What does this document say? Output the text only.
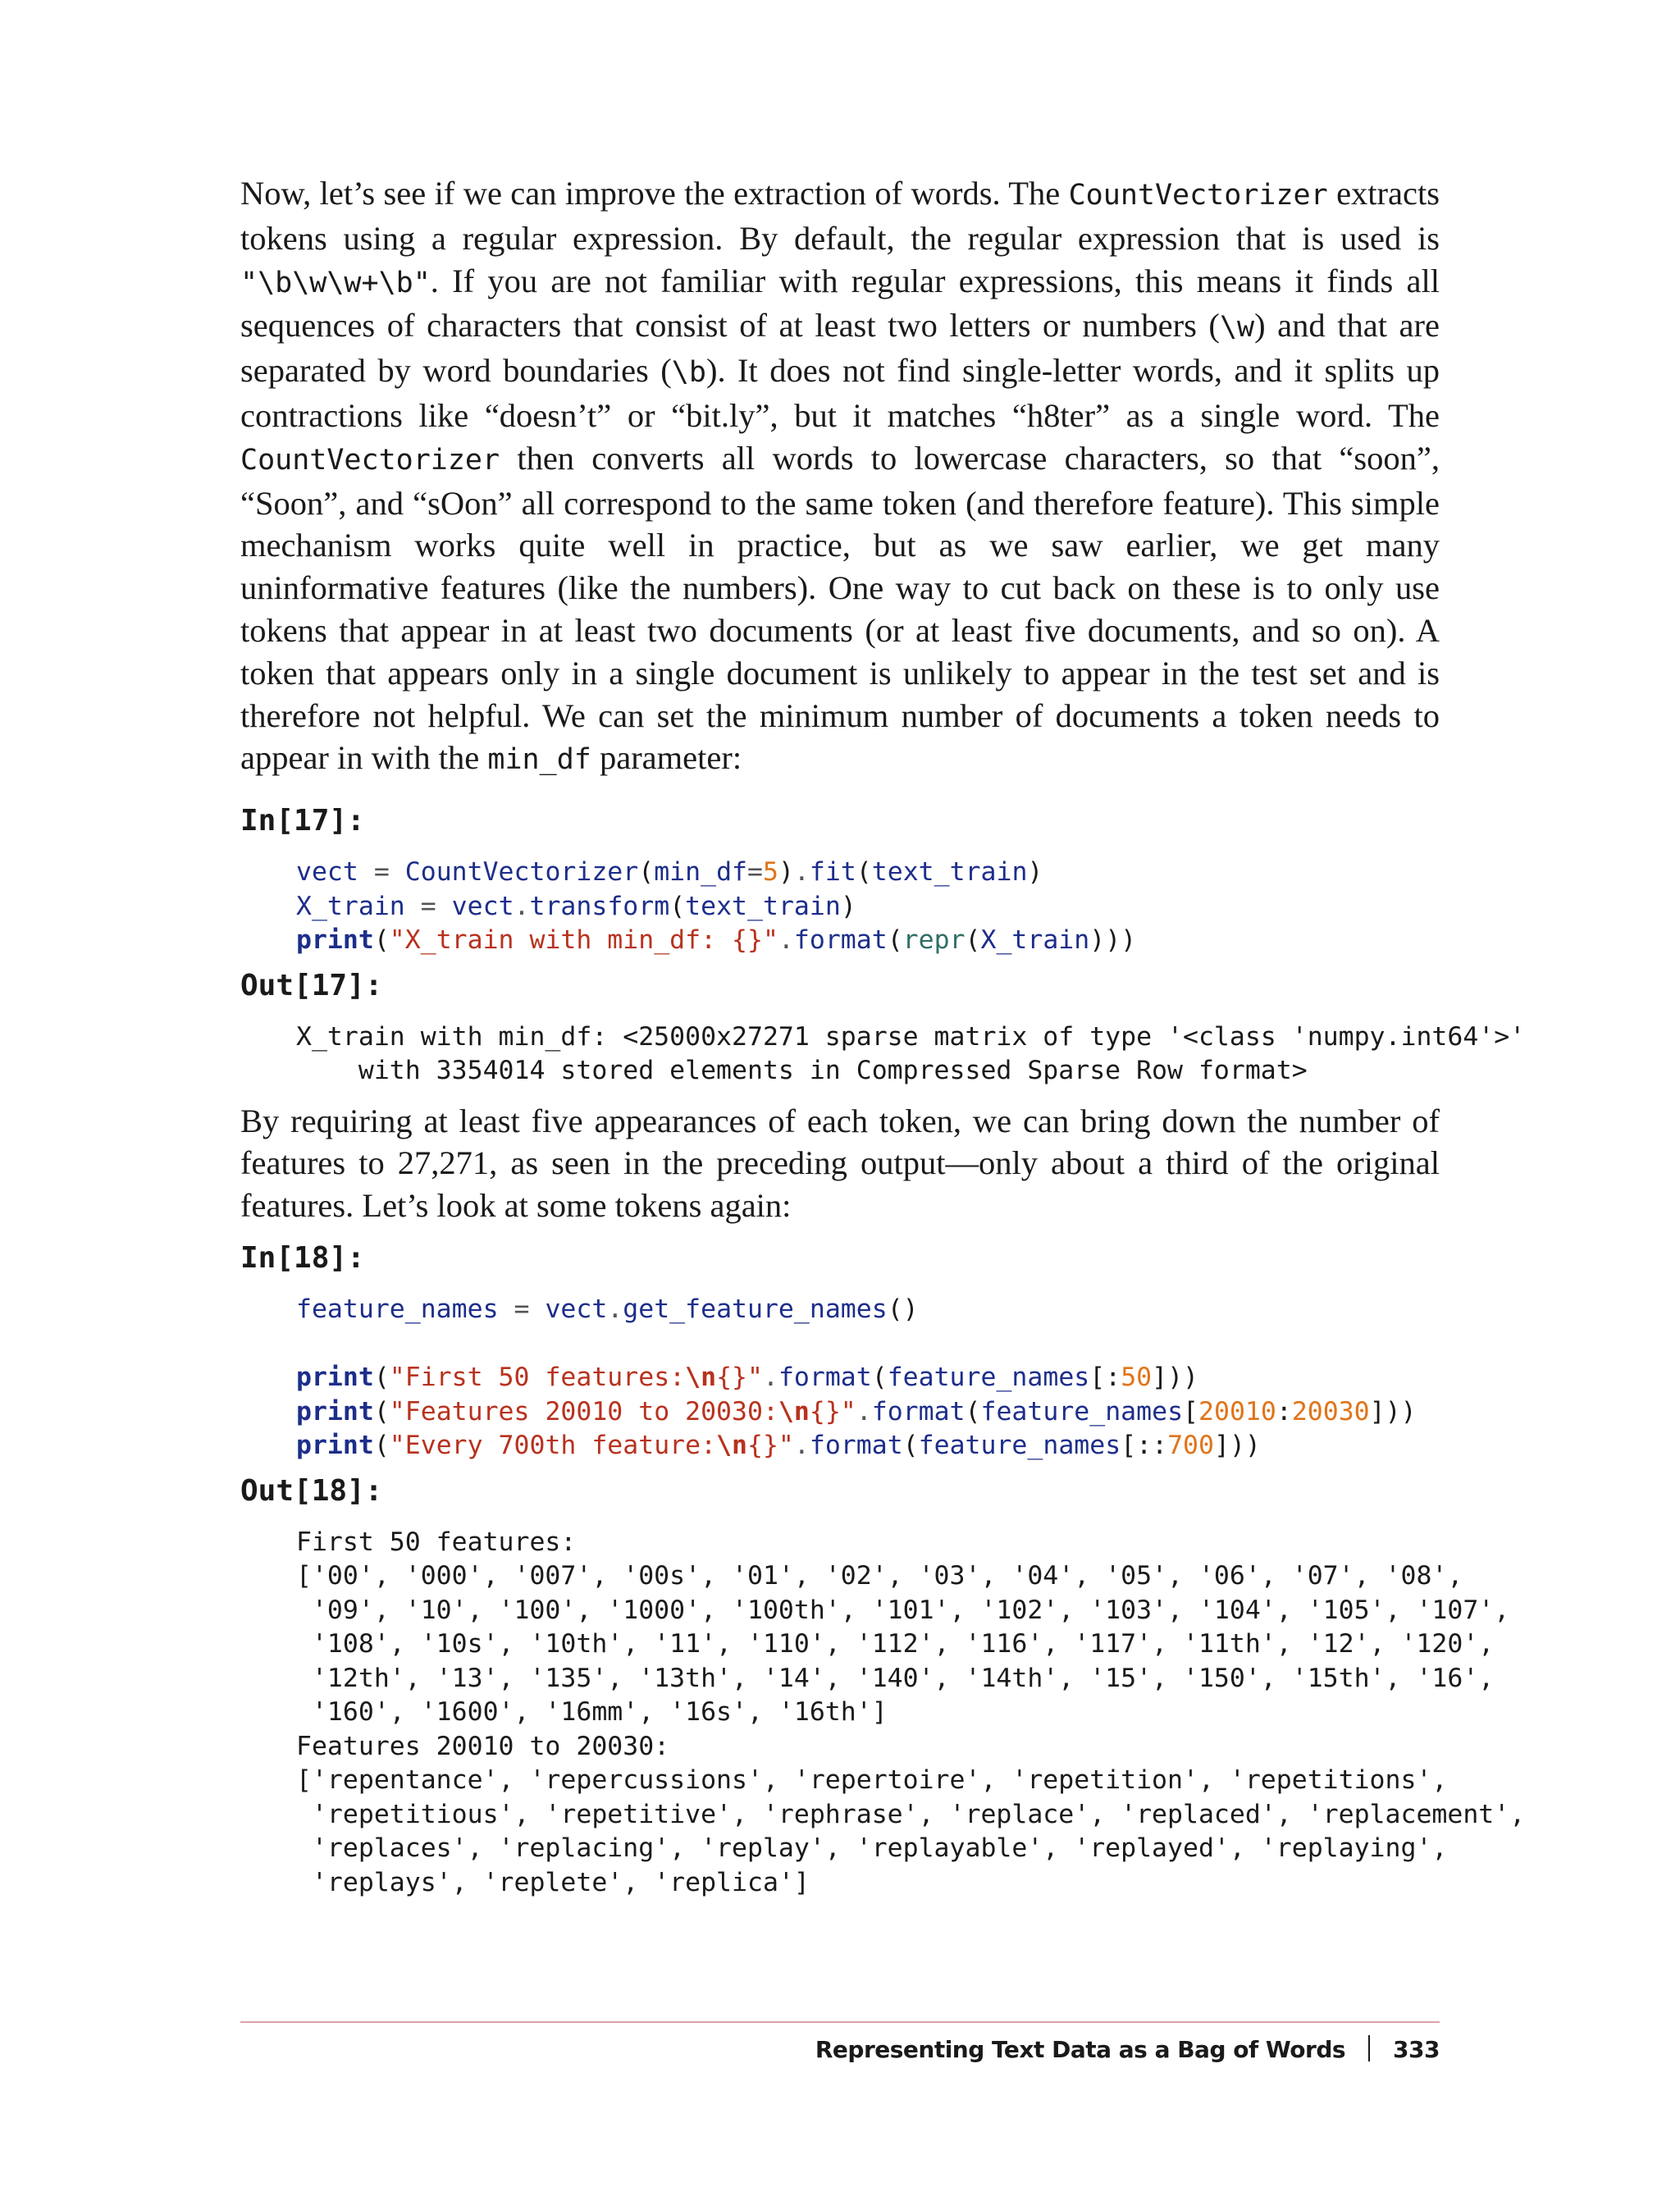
Now, let’s see if we can improve the extraction of words. The CountVectorizer extracts tokens using a regular expression. By default, the regular expression that is used is "\b\w\w+\b". If you are not familiar with regular expressions, this means it finds all sequences of characters that consist of at least two letters or numbers (\w) and that are separated by word boundaries (\b). It does not find single-letter words, and it splits up contractions like “doesn’t” or “bit.ly”, but it matches “h8ter” as a single word. The CountVectorizer then converts all words to lowercase characters, so that “soon”, “Soon”, and “sOon” all correspond to the same token (and therefore feature). This simple mechanism works quite well in practice, but as we saw earlier, we get many uninformative features (like the numbers). One way to cut back on these is to only use tokens that appear in at least two documents (or at least five documents, and so on). A token that appears only in a single document is unlikely to appear in the test set and is therefore not helpful. We can set the minimum number of documents a token needs to appear in with the min_df parameter:

In[17]:
vect = CountVectorizer(min_df=5).fit(text_train)
X_train = vect.transform(text_train)
print("X_train with min_df: {}".format(repr(X_train)))
Out[17]:
X_train with min_df: <25000x27271 sparse matrix of type '<class 'numpy.int64'>'
with 3354014 stored elements in Compressed Sparse Row format>

By requiring at least five appearances of each token, we can bring down the number of features to 27,271, as seen in the preceding output—only about a third of the original features. Let’s look at some tokens again:

In[18]:
feature_names = vect.get_feature_names()

print("First 50 features:\n{}".format(feature_names[:50]))
print("Features 20010 to 20030:\n{}".format(feature_names[20010:20030]))
print("Every 700th feature:\n{}".format(feature_names[::700]))
Out[18]:
First 50 features:
['00', '000', '007', '00s', '01', '02', '03', '04', '05', '06', '07', '08',
'09', '10', '100', '1000', '100th', '101', '102', '103', '104', '105', '107',
'108', '10s', '10th', '11', '110', '112', '116', '117', '11th', '12', '120',
'12th', '13', '135', '13th', '14', '140', '14th', '15', '150', '15th', '16',
'160', '1600', '16mm', '16s', '16th']
Features 20010 to 20030:
['repentance', 'repercussions', 'repertoire', 'repetition', 'repetitions',
'repetitious', 'repetitive', 'rephrase', 'replace', 'replaced', 'replacement',
'replaces', 'replacing', 'replay', 'replayable', 'replayed', 'replaying',
'replays', 'replete', 'replica']
Representing Text Data as a Bag of Words 333
